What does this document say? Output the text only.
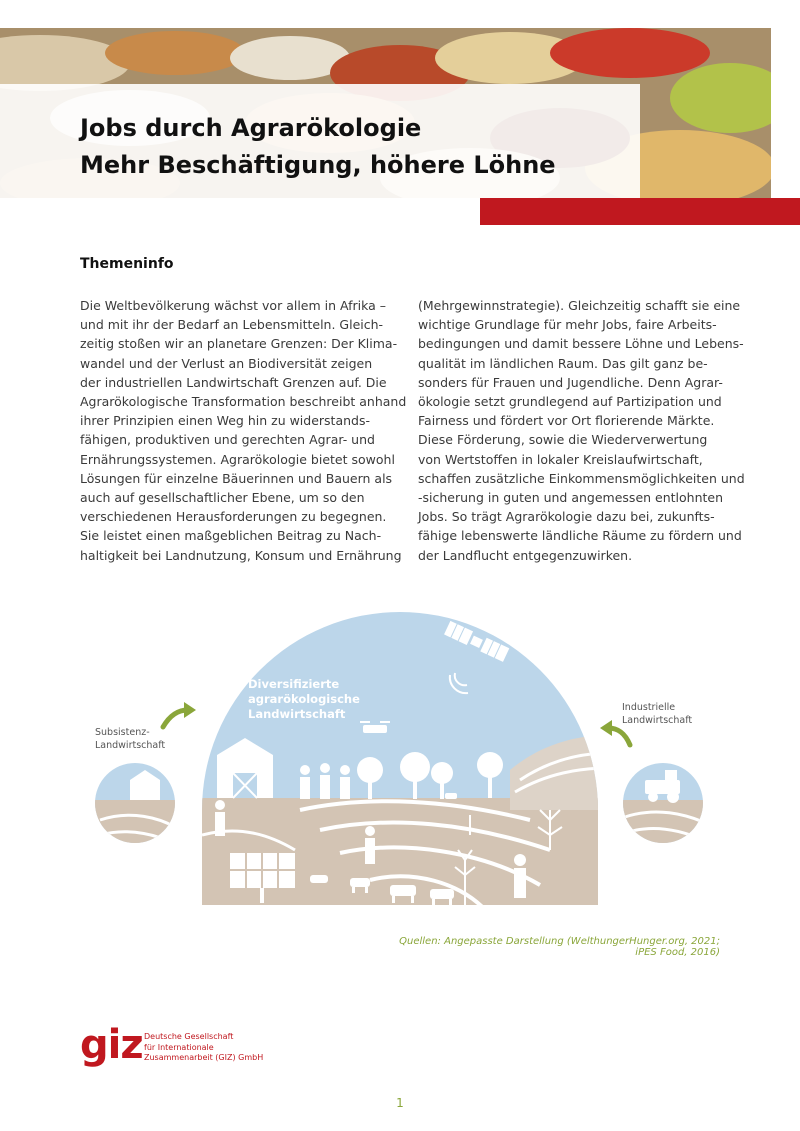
Jobs durch Agrarökologie
Mehr Beschäftigung, höhere Löhne
Themeninfo
Die Weltbevölkerung wächst vor allem in Afrika –
und mit ihr der Bedarf an Lebensmitteln. Gleich-
zeitig stoßen wir an planetare Grenzen: Der Klima-
wandel und der Verlust an Biodiversität zeigen
der industriellen Landwirtschaft Grenzen auf. Die
Agrarökologische Transformation beschreibt anhand
ihrer Prinzipien einen Weg hin zu widerstands-
fähigen, produktiven und gerechten Agrar- und
Ernährungssystemen. Agrarökologie bietet sowohl
Lösungen für einzelne Bäuerinnen und Bauern als
auch auf gesellschaftlicher Ebene, um so den
verschiedenen Herausforderungen zu begegnen.
Sie leistet einen maßgeblichen Beitrag zu Nach-
haltigkeit bei Landnutzung, Konsum und Ernährung
(Mehrgewinnstrategie). Gleichzeitig schafft sie eine
wichtige Grundlage für mehr Jobs, faire Arbeits-
bedingungen und damit bessere Löhne und Lebens-
qualität im ländlichen Raum. Das gilt ganz be-
sonders für Frauen und Jugendliche. Denn Agrar-
ökologie setzt grundlegend auf Partizipation und
Fairness und fördert vor Ort florierende Märkte.
Diese Förderung, sowie die Wiederverwertung
von Wertstoffen in lokaler Kreislaufwirtschaft,
schaffen zusätzliche Einkommensmöglichkeiten und
-sicherung in guten und angemessen entlohnten
Jobs. So trägt Agrarökologie dazu bei, zukunfts-
fähige lebenswerte ländliche Räume zu fördern und
der Landflucht entgegenzuwirken.
Diversifizierte agrarökologische Landwirtschaft
Subsistenz- Landwirtschaft
Industrielle Landwirtschaft

Quellen: Angepasste Darstellung (WelthungerHunger.org, 2021; iPES Food, 2016)

giz Deutsche Gesellschaft
für Internationale
Zusammenarbeit (GIZ) GmbH
1
